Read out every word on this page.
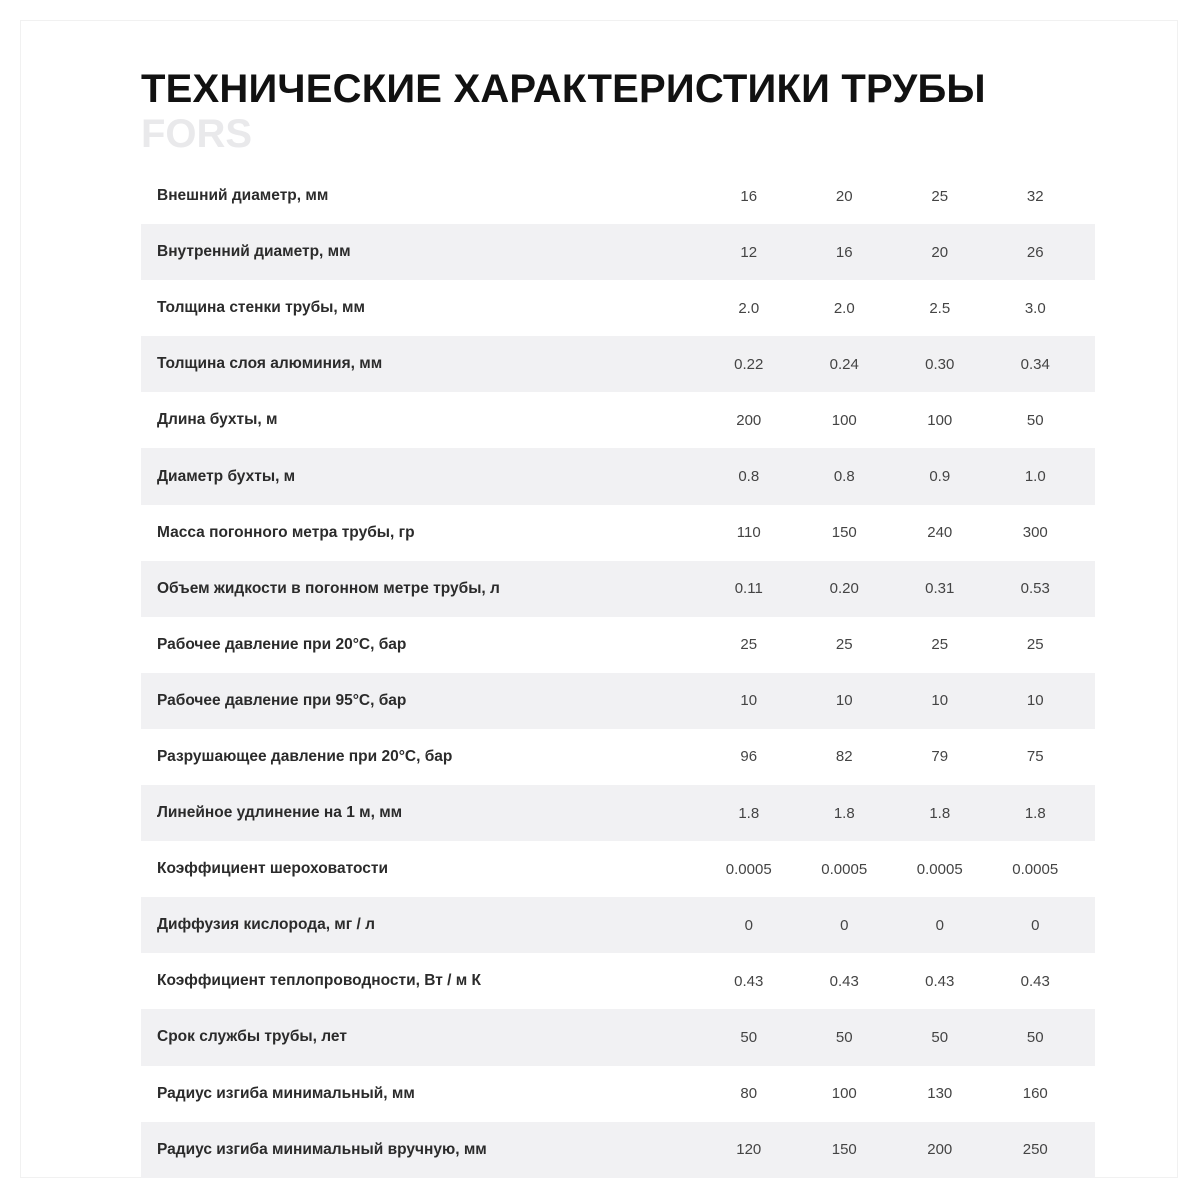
ТЕХНИЧЕСКИЕ ХАРАКТЕРИСТИКИ ТРУБЫ
FORS
Внешний диаметр, мм	16	20	25	32
Внутренний диаметр, мм	12	16	20	26
Толщина стенки трубы, мм	2.0	2.0	2.5	3.0
Толщина слоя алюминия, мм	0.22	0.24	0.30	0.34
Длина бухты, м	200	100	100	50
Диаметр бухты, м	0.8	0.8	0.9	1.0
Масса погонного метра трубы, гр	110	150	240	300
Объем жидкости в погонном метре трубы, л	0.11	0.20	0.31	0.53
Рабочее давление при 20°С, бар	25	25	25	25
Рабочее давление при 95°С, бар	10	10	10	10
Разрушающее давление при 20°С, бар	96	82	79	75
Линейное удлинение на 1 м, мм	1.8	1.8	1.8	1.8
Коэффициент шероховатости	0.0005	0.0005	0.0005	0.0005
Диффузия кислорода, мг / л	0	0	0	0
Коэффициент теплопроводности, Вт / м К	0.43	0.43	0.43	0.43
Срок службы трубы, лет	50	50	50	50
Радиус изгиба минимальный, мм	80	100	130	160
Радиус изгиба минимальный вручную, мм	120	150	200	250
